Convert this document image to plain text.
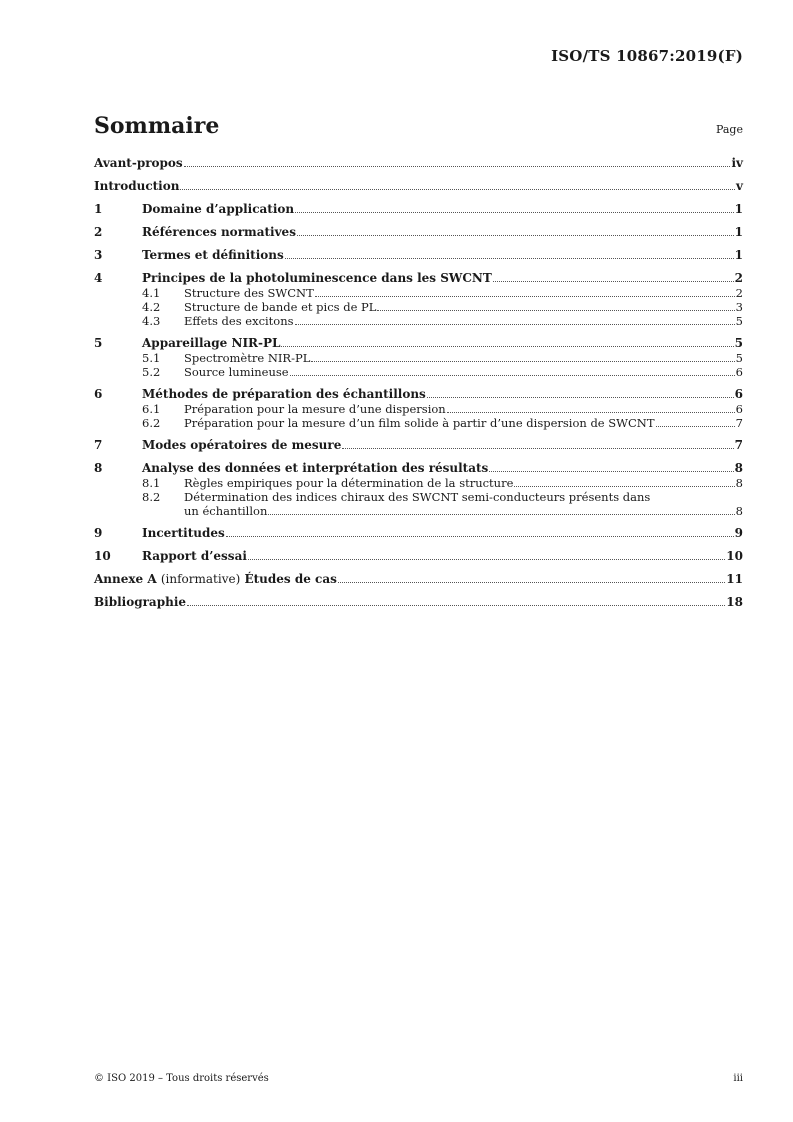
ISO/TS 10867:2019(F)
Sommaire	Page
Avant-propos	iv
Introduction	v
1	Domaine d’application	1
2	Références normatives	1
3	Termes et définitions	1
4	Principes de la photoluminescence dans les SWCNT	2
4.1	Structure des SWCNT	2
4.2	Structure de bande et pics de PL	3
4.3	Effets des excitons	5
5	Appareillage NIR-PL	5
5.1	Spectromètre NIR-PL	5
5.2	Source lumineuse	6
6	Méthodes de préparation des échantillons	6
6.1	Préparation pour la mesure d’une dispersion	6
6.2	Préparation pour la mesure d’un film solide à partir d’une dispersion de SWCNT	7
7	Modes opératoires de mesure	7
8	Analyse des données et interprétation des résultats	8
8.1	Règles empiriques pour la détermination de la structure	8
8.2	Détermination des indices chiraux des SWCNT semi-conducteurs présents dans
un échantillon	8
9	Incertitudes	9
10	Rapport d’essai	10
Annexe A (informative) Études de cas	11
Bibliographie	18
© ISO 2019 – Tous droits réservés	iii
